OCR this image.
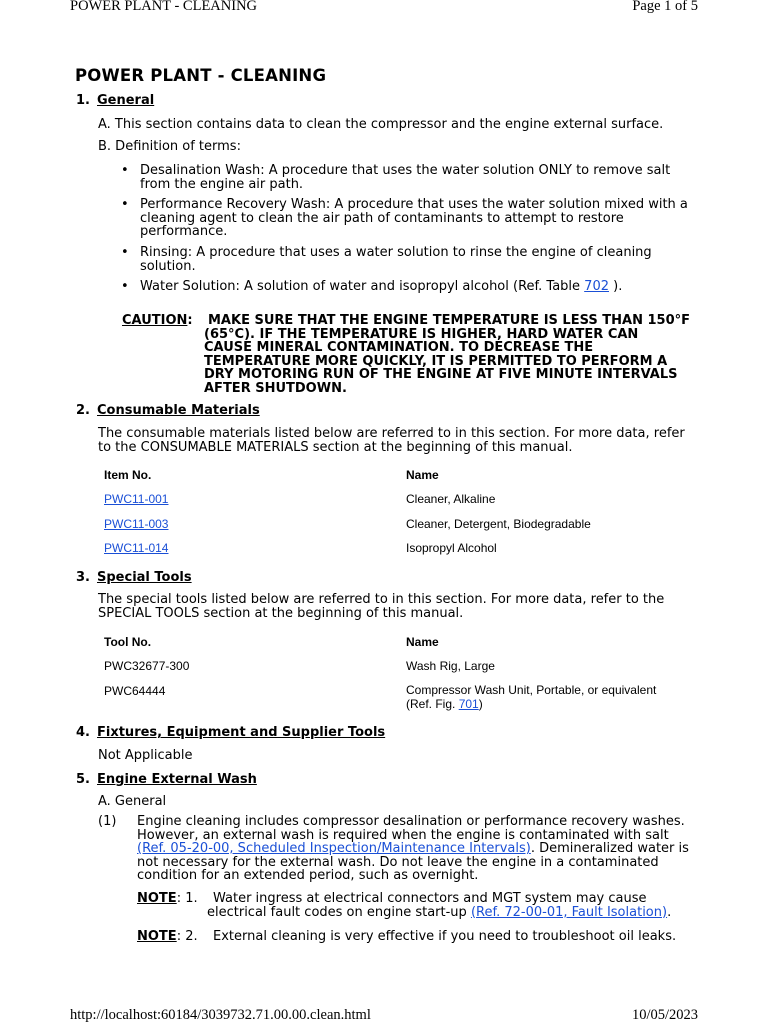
POWER PLANT - CLEANING	Page 1 of 5
POWER PLANT - CLEANING
1. General
A. This section contains data to clean the compressor and the engine external surface.
B. Definition of terms:
• Desalination Wash: A procedure that uses the water solution ONLY to remove salt
from the engine air path.
• Performance Recovery Wash: A procedure that uses the water solution mixed with a
cleaning agent to clean the air path of contaminants to attempt to restore
performance.
• Rinsing: A procedure that uses a water solution to rinse the engine of cleaning
solution.
• Water Solution: A solution of water and isopropyl alcohol (Ref. Table 702 ).
CAUTION:	MAKE SURE THAT THE ENGINE TEMPERATURE IS LESS THAN 150°F
(65°C). IF THE TEMPERATURE IS HIGHER, HARD WATER CAN
CAUSE MINERAL CONTAMINATION. TO DECREASE THE
TEMPERATURE MORE QUICKLY, IT IS PERMITTED TO PERFORM A
DRY MOTORING RUN OF THE ENGINE AT FIVE MINUTE INTERVALS
AFTER SHUTDOWN.
2. Consumable Materials
The consumable materials listed below are referred to in this section. For more data, refer
to the CONSUMABLE MATERIALS section at the beginning of this manual.
Item No.	Name
PWC11-001	Cleaner, Alkaline
PWC11-003	Cleaner, Detergent, Biodegradable
PWC11-014	Isopropyl Alcohol
3. Special Tools
The special tools listed below are referred to in this section. For more data, refer to the
SPECIAL TOOLS section at the beginning of this manual.
Tool No.	Name
PWC32677-300	Wash Rig, Large
PWC64444	Compressor Wash Unit, Portable, or equivalent
(Ref. Fig. 701)
4. Fixtures, Equipment and Supplier Tools
Not Applicable
5. Engine External Wash
A. General
(1) Engine cleaning includes compressor desalination or performance recovery washes.
However, an external wash is required when the engine is contaminated with salt
(Ref. 05-20-00, Scheduled Inspection/Maintenance Intervals). Demineralized water is
not necessary for the external wash. Do not leave the engine in a contaminated
condition for an extended period, such as overnight.
NOTE: 1.	Water ingress at electrical connectors and MGT system may cause
electrical fault codes on engine start-up (Ref. 72-00-01, Fault Isolation).
NOTE: 2. External cleaning is very effective if you need to troubleshoot oil leaks.
http://localhost:60184/3039732.71.00.00.clean.html	10/05/2023
